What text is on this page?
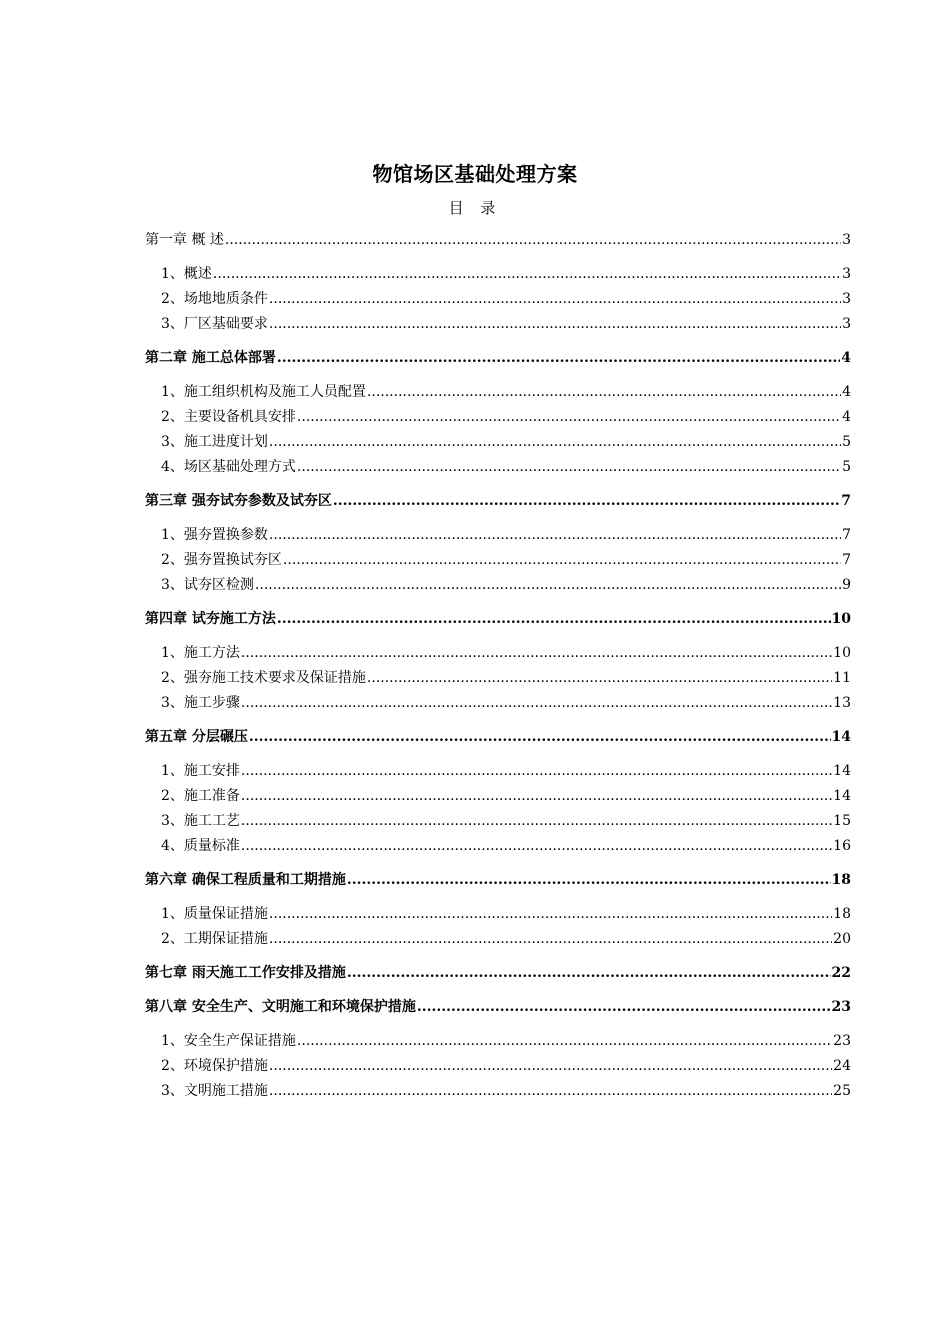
物馆场区基础处理方案
目 录
第一章 概 述 .....	3
1、概述 .....	3
2、场地地质条件 .....	3
3、厂区基础要求 .....	3
第二章 施工总体部署 .....	4
1、施工组织机构及施工人员配置 .....	4
2、主要设备机具安排 .....	4
3、施工进度计划 .....	5
4、场区基础处理方式 .....	5
第三章 强夯试夯参数及试夯区 .....	7
1、强夯置换参数 .....	7
2、强夯置换试夯区 .....	7
3、试夯区检测 .....	9
第四章 试夯施工方法 .....	10
1、施工方法 .....	10
2、强夯施工技术要求及保证措施 .....	11
3、施工步骤 .....	13
第五章 分层碾压 .....	14
1、施工安排 .....	14
2、施工准备 .....	14
3、施工工艺 .....	15
4、质量标准 .....	16
第六章 确保工程质量和工期措施 .....	18
1、质量保证措施 .....	18
2、工期保证措施 .....	20
第七章 雨天施工工作安排及措施 .....	22
第八章 安全生产、文明施工和环境保护措施 .....	23
1、安全生产保证措施 .....	23
2、环境保护措施 .....	24
3、文明施工措施 .....	25
